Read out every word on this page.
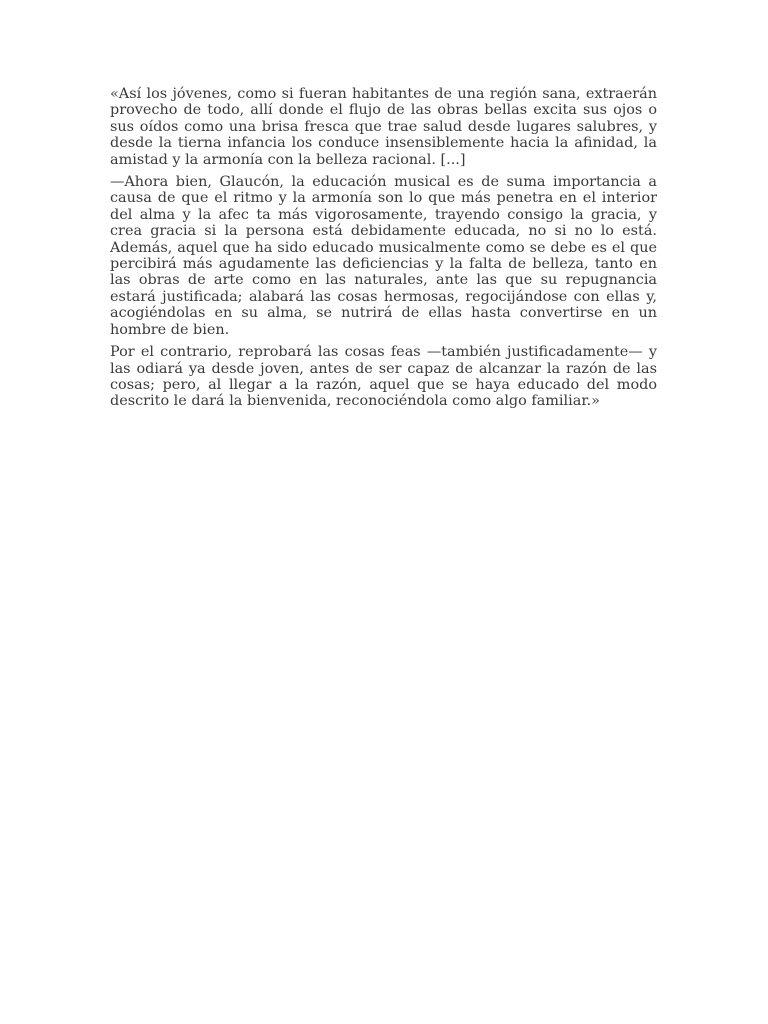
«Así los jóvenes, como si fueran habitantes de una región sana, extraerán provecho de todo, allí donde el flujo de las obras bellas excita sus ojos o sus oídos como una brisa fresca que trae salud desde lugares salubres, y desde la tierna infancia los conduce insensiblemente hacia la afinidad, la amistad y la armonía con la belleza racional. [...]

—Ahora bien, Glaucón, la educación musical es de suma importancia a causa de que el ritmo y la armonía son lo que más penetra en el interior del alma y la afec ta más vigorosamente, trayendo consigo la gracia, y crea gracia si la persona está debidamente educada, no si no lo está. Además, aquel que ha sido educado musicalmente como se debe es el que percibirá más agudamente las deficiencias y la falta de belleza, tanto en las obras de arte como en las naturales, ante las que su repugnancia estará justificada; alabará las cosas hermosas, regocijándose con ellas y, acogiéndolas en su alma, se nutrirá de ellas hasta convertirse en un hombre de bien.

Por el contrario, reprobará las cosas feas —también justificadamente— y las odiará ya desde joven, antes de ser capaz de alcanzar la razón de las cosas; pero, al llegar a la razón, aquel que se haya educado del modo descrito le dará la bienvenida, reconociéndola como algo familiar.»
